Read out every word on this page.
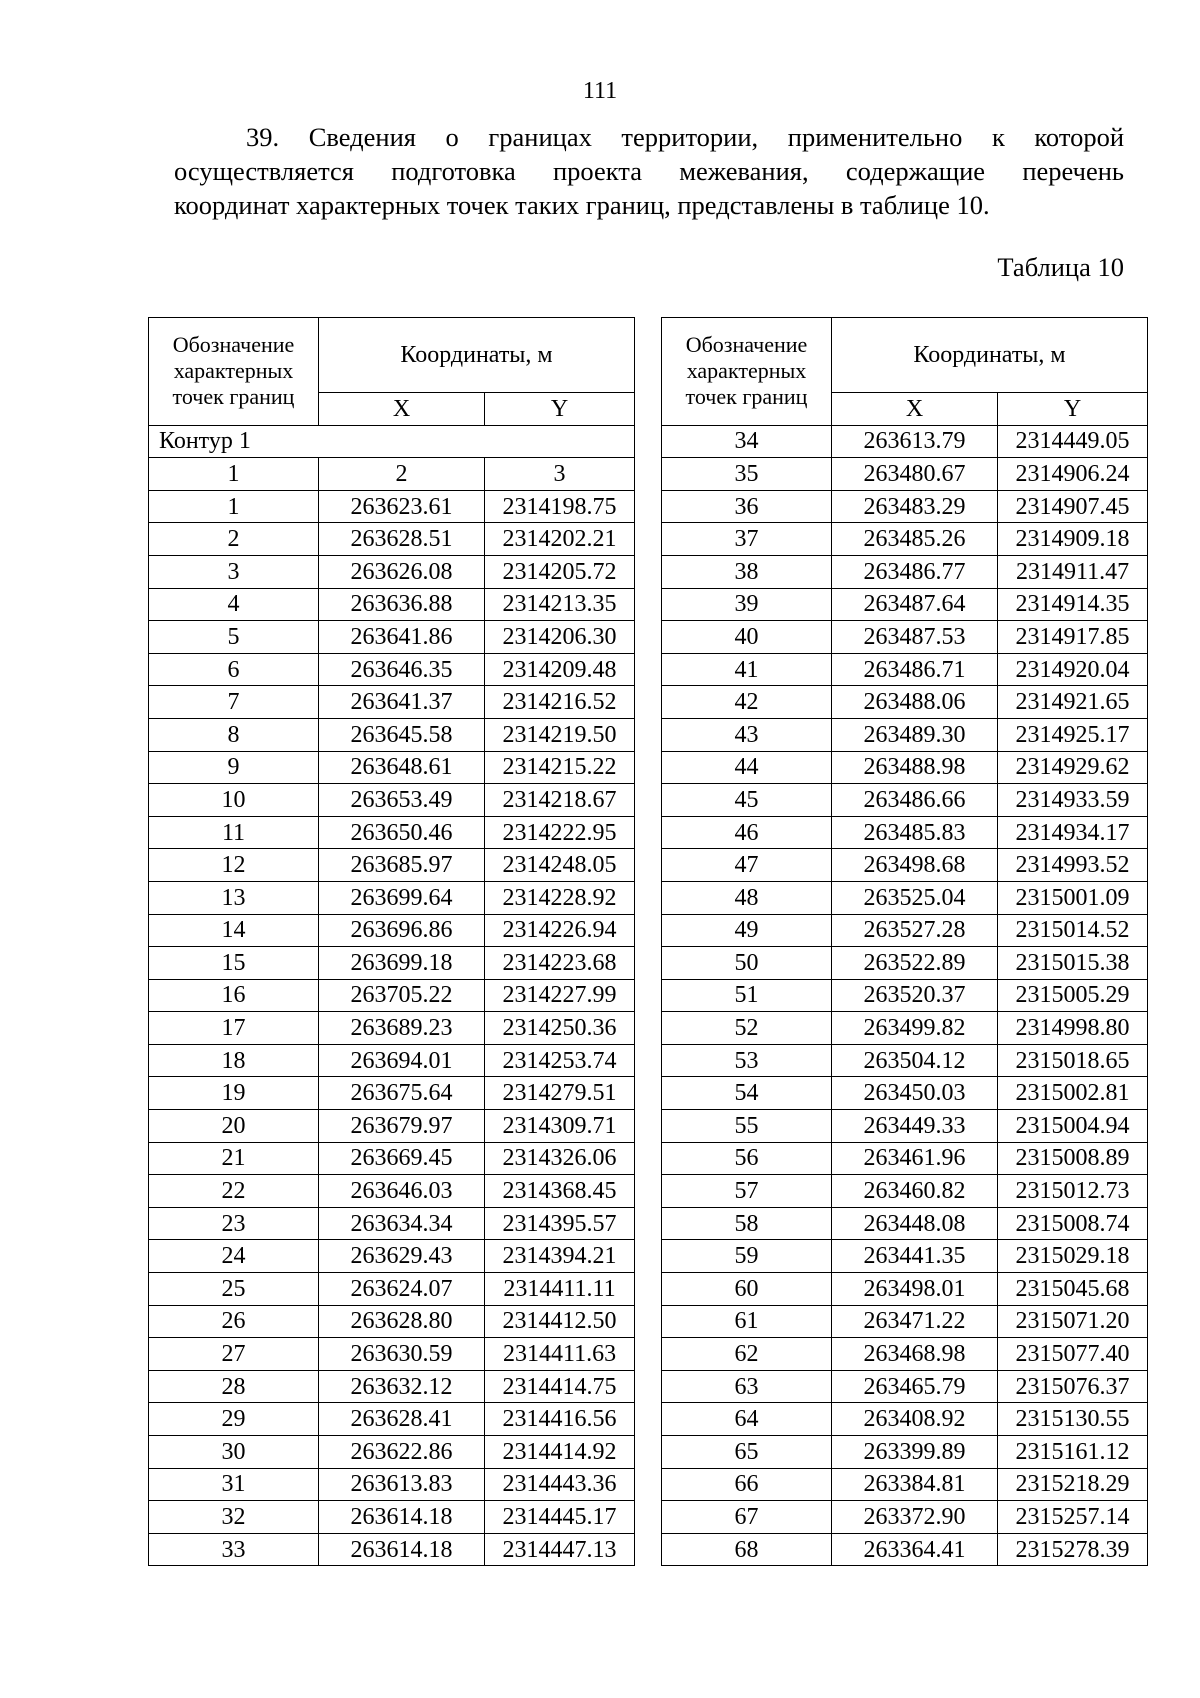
111
39. Сведения о границах территории, применительно к которой
осуществляется подготовка проекта межевания, содержащие перечень
координат характерных точек таких границ, представлены в таблице 10.
Таблица 10
Обозначение характерных точек границ	Координаты, м	
	X	Y
Контур 1		
1	2	3
1	263623.61	2314198.75
2	263628.51	2314202.21
3	263626.08	2314205.72
4	263636.88	2314213.35
5	263641.86	2314206.30
6	263646.35	2314209.48
7	263641.37	2314216.52
8	263645.58	2314219.50
9	263648.61	2314215.22
10	263653.49	2314218.67
11	263650.46	2314222.95
12	263685.97	2314248.05
13	263699.64	2314228.92
14	263696.86	2314226.94
15	263699.18	2314223.68
16	263705.22	2314227.99
17	263689.23	2314250.36
18	263694.01	2314253.74
19	263675.64	2314279.51
20	263679.97	2314309.71
21	263669.45	2314326.06
22	263646.03	2314368.45
23	263634.34	2314395.57
24	263629.43	2314394.21
25	263624.07	2314411.11
26	263628.80	2314412.50
27	263630.59	2314411.63
28	263632.12	2314414.75
29	263628.41	2314416.56
30	263622.86	2314414.92
31	263613.83	2314443.36
32	263614.18	2314445.17
33	263614.18	2314447.13
Обозначение характерных точек границ	Координаты, м	
	X	Y
34	263613.79	2314449.05
35	263480.67	2314906.24
36	263483.29	2314907.45
37	263485.26	2314909.18
38	263486.77	2314911.47
39	263487.64	2314914.35
40	263487.53	2314917.85
41	263486.71	2314920.04
42	263488.06	2314921.65
43	263489.30	2314925.17
44	263488.98	2314929.62
45	263486.66	2314933.59
46	263485.83	2314934.17
47	263498.68	2314993.52
48	263525.04	2315001.09
49	263527.28	2315014.52
50	263522.89	2315015.38
51	263520.37	2315005.29
52	263499.82	2314998.80
53	263504.12	2315018.65
54	263450.03	2315002.81
55	263449.33	2315004.94
56	263461.96	2315008.89
57	263460.82	2315012.73
58	263448.08	2315008.74
59	263441.35	2315029.18
60	263498.01	2315045.68
61	263471.22	2315071.20
62	263468.98	2315077.40
63	263465.79	2315076.37
64	263408.92	2315130.55
65	263399.89	2315161.12
66	263384.81	2315218.29
67	263372.90	2315257.14
68	263364.41	2315278.39
